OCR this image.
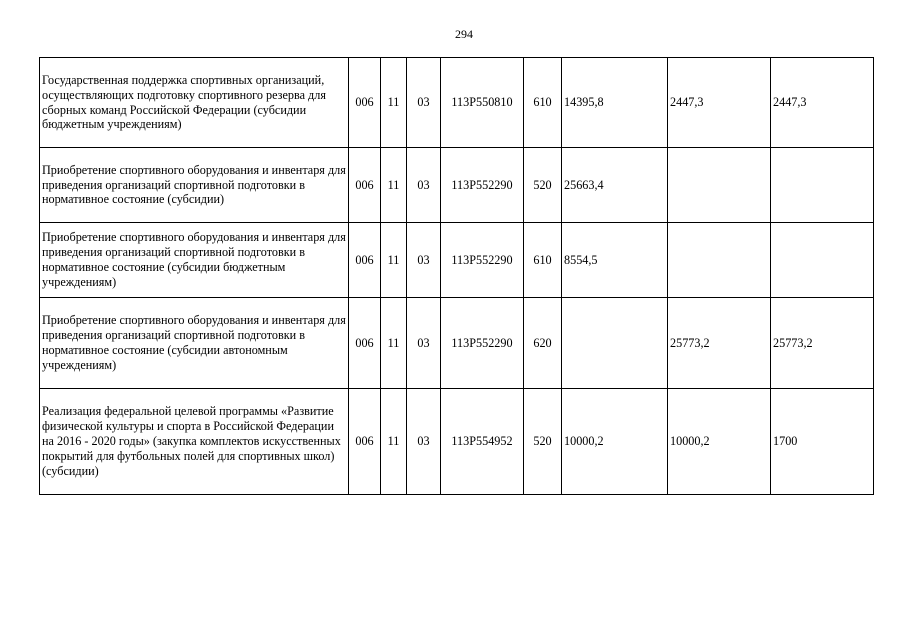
294
Государственная поддержка спортивных организаций, осуществляющих подготовку спортивного резерва для сборных команд Российской Федерации (субсидии бюджетным учреждениям)	006	11	03	113P550810	610	14395,8	2447,3	2447,3
Приобретение спортивного оборудования и инвентаря для приведения организаций спортивной подготовки в нормативное состояние (субсидии)	006	11	03	113P552290	520	25663,4		
Приобретение спортивного оборудования и инвентаря для приведения организаций спортивной подготовки в нормативное состояние (субсидии бюджетным учреждениям)	006	11	03	113P552290	610	8554,5		
Приобретение спортивного оборудования и инвентаря для приведения организаций спортивной подготовки в нормативное состояние (субсидии автономным учреждениям)	006	11	03	113P552290	620		25773,2	25773,2
Реализация федеральной целевой программы «Развитие физической культуры и спорта в Российской Федерации на 2016 - 2020 годы» (закупка комплектов искусственных покрытий для футбольных полей для спортивных школ) (субсидии)	006	11	03	113P554952	520	10000,2	10000,2	1700
